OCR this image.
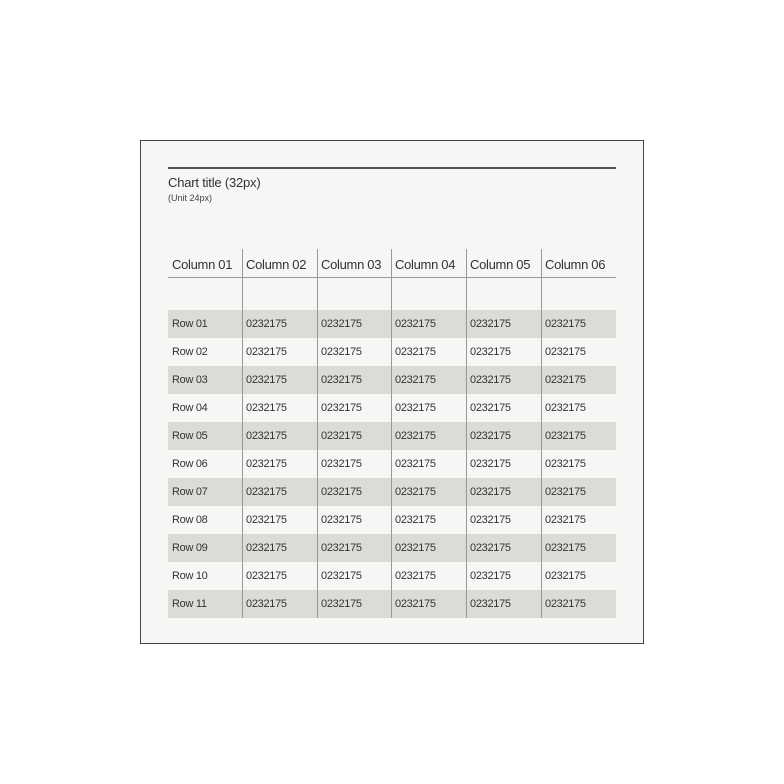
Chart title (32px)
(Unit 24px)
Column 01	Column 02	Column 03	Column 04	Column 05	Column 06
Row 01	0232175	0232175	0232175	0232175	0232175
Row 02	0232175	0232175	0232175	0232175	0232175
Row 03	0232175	0232175	0232175	0232175	0232175
Row 04	0232175	0232175	0232175	0232175	0232175
Row 05	0232175	0232175	0232175	0232175	0232175
Row 06	0232175	0232175	0232175	0232175	0232175
Row 07	0232175	0232175	0232175	0232175	0232175
Row 08	0232175	0232175	0232175	0232175	0232175
Row 09	0232175	0232175	0232175	0232175	0232175
Row 10	0232175	0232175	0232175	0232175	0232175
Row 11	0232175	0232175	0232175	0232175	0232175
